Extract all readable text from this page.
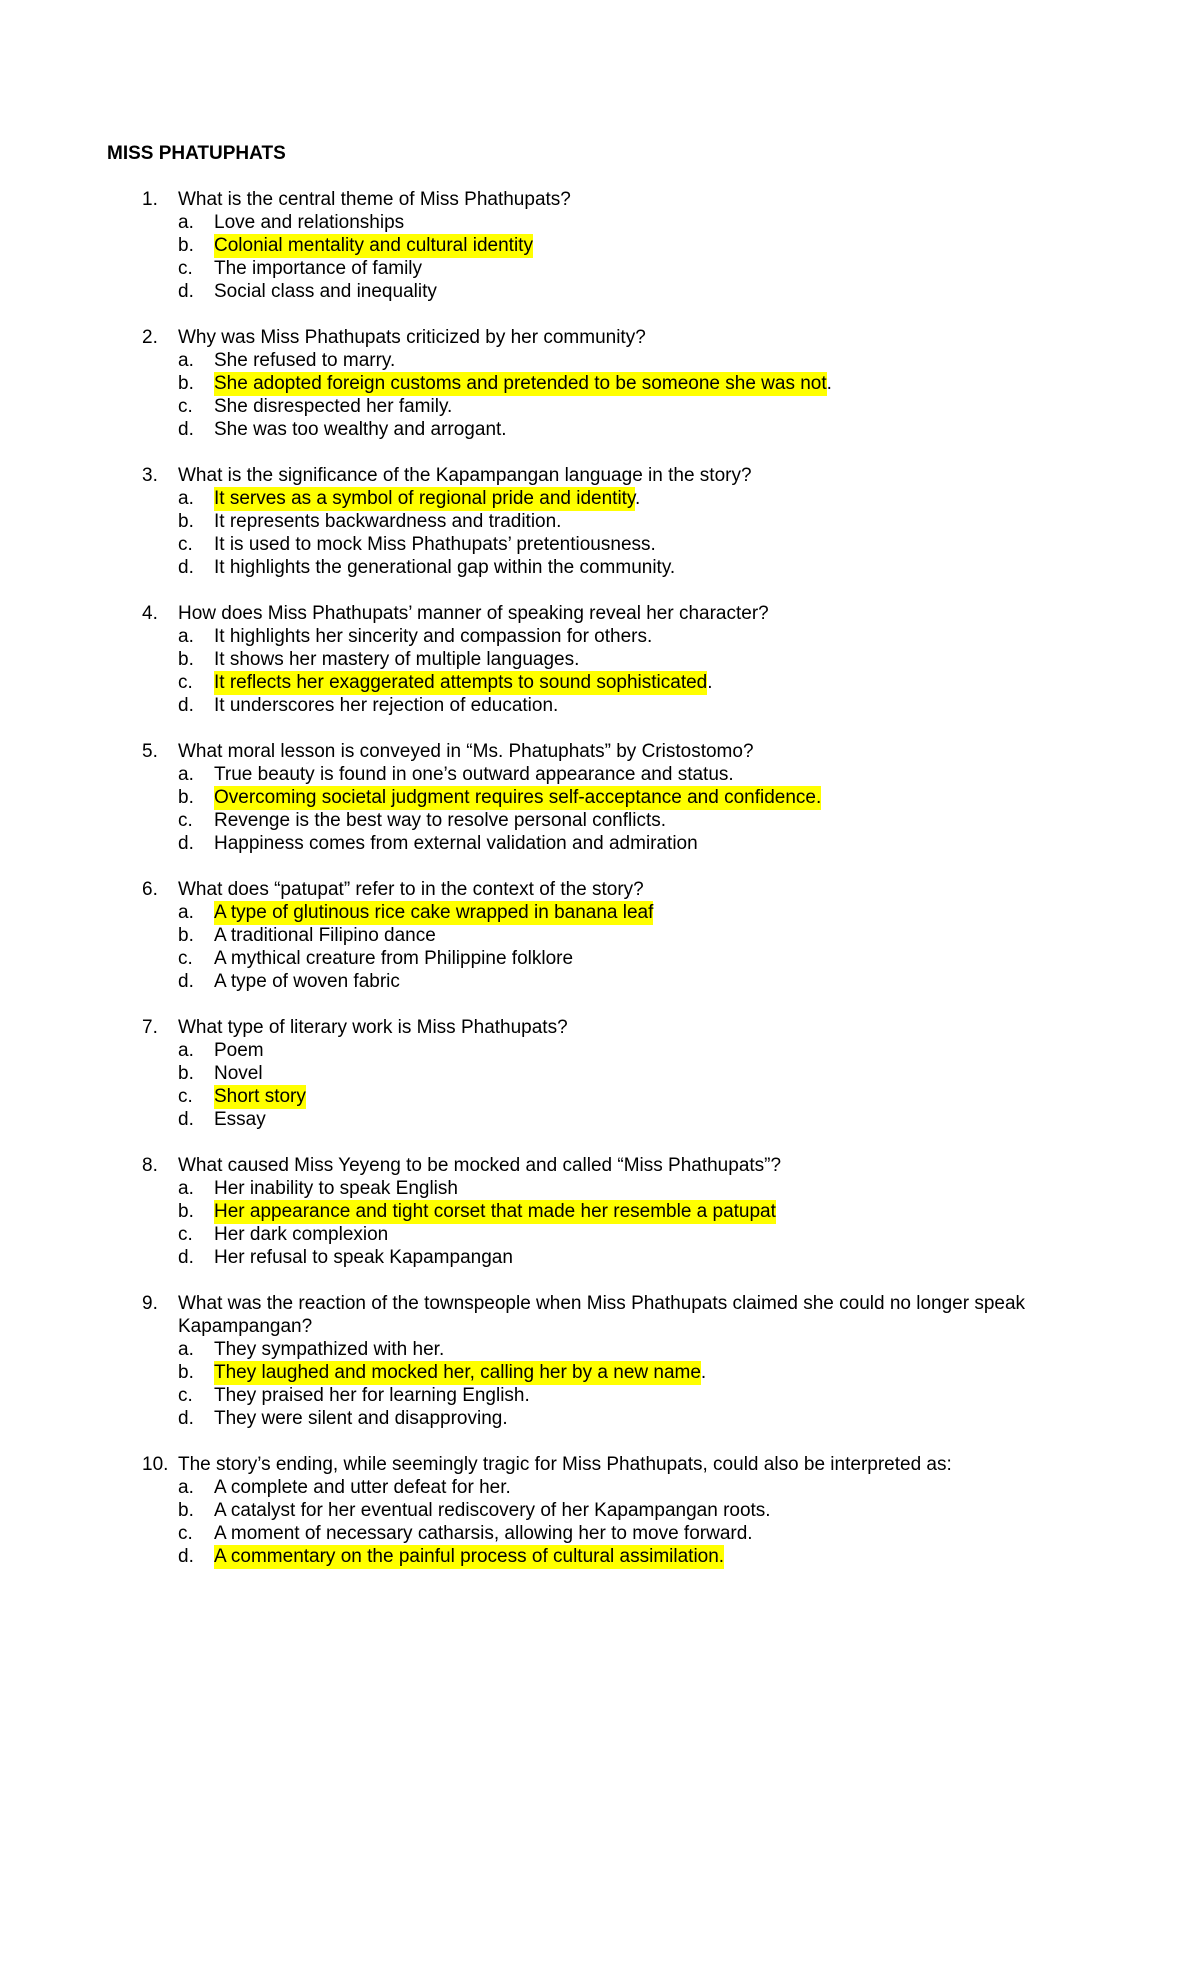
MISS PHATUPHATS
1. What is the central theme of Miss Phathupats?
a. Love and relationships
b. Colonial mentality and cultural identity
c. The importance of family
d. Social class and inequality
2. Why was Miss Phathupats criticized by her community?
a. She refused to marry.
b. She adopted foreign customs and pretended to be someone she was not.
c. She disrespected her family.
d. She was too wealthy and arrogant.
3. What is the significance of the Kapampangan language in the story?
a. It serves as a symbol of regional pride and identity.
b. It represents backwardness and tradition.
c. It is used to mock Miss Phathupats’ pretentiousness.
d. It highlights the generational gap within the community.
4. How does Miss Phathupats’ manner of speaking reveal her character?
a. It highlights her sincerity and compassion for others.
b. It shows her mastery of multiple languages.
c. It reflects her exaggerated attempts to sound sophisticated.
d. It underscores her rejection of education.
5. What moral lesson is conveyed in “Ms. Phatuphats” by Cristostomo?
a. True beauty is found in one’s outward appearance and status.
b. Overcoming societal judgment requires self-acceptance and confidence.
c. Revenge is the best way to resolve personal conflicts.
d. Happiness comes from external validation and admiration
6. What does “patupat” refer to in the context of the story?
a. A type of glutinous rice cake wrapped in banana leaf
b. A traditional Filipino dance
c. A mythical creature from Philippine folklore
d. A type of woven fabric
7. What type of literary work is Miss Phathupats?
a. Poem
b. Novel
c. Short story
d. Essay
8. What caused Miss Yeyeng to be mocked and called “Miss Phathupats”?
a. Her inability to speak English
b. Her appearance and tight corset that made her resemble a patupat
c. Her dark complexion
d. Her refusal to speak Kapampangan
9. What was the reaction of the townspeople when Miss Phathupats claimed she could no longer speak Kapampangan?
a. They sympathized with her.
b. They laughed and mocked her, calling her by a new name.
c. They praised her for learning English.
d. They were silent and disapproving.
10. The story’s ending, while seemingly tragic for Miss Phathupats, could also be interpreted as:
a. A complete and utter defeat for her.
b. A catalyst for her eventual rediscovery of her Kapampangan roots.
c. A moment of necessary catharsis, allowing her to move forward.
d. A commentary on the painful process of cultural assimilation.
